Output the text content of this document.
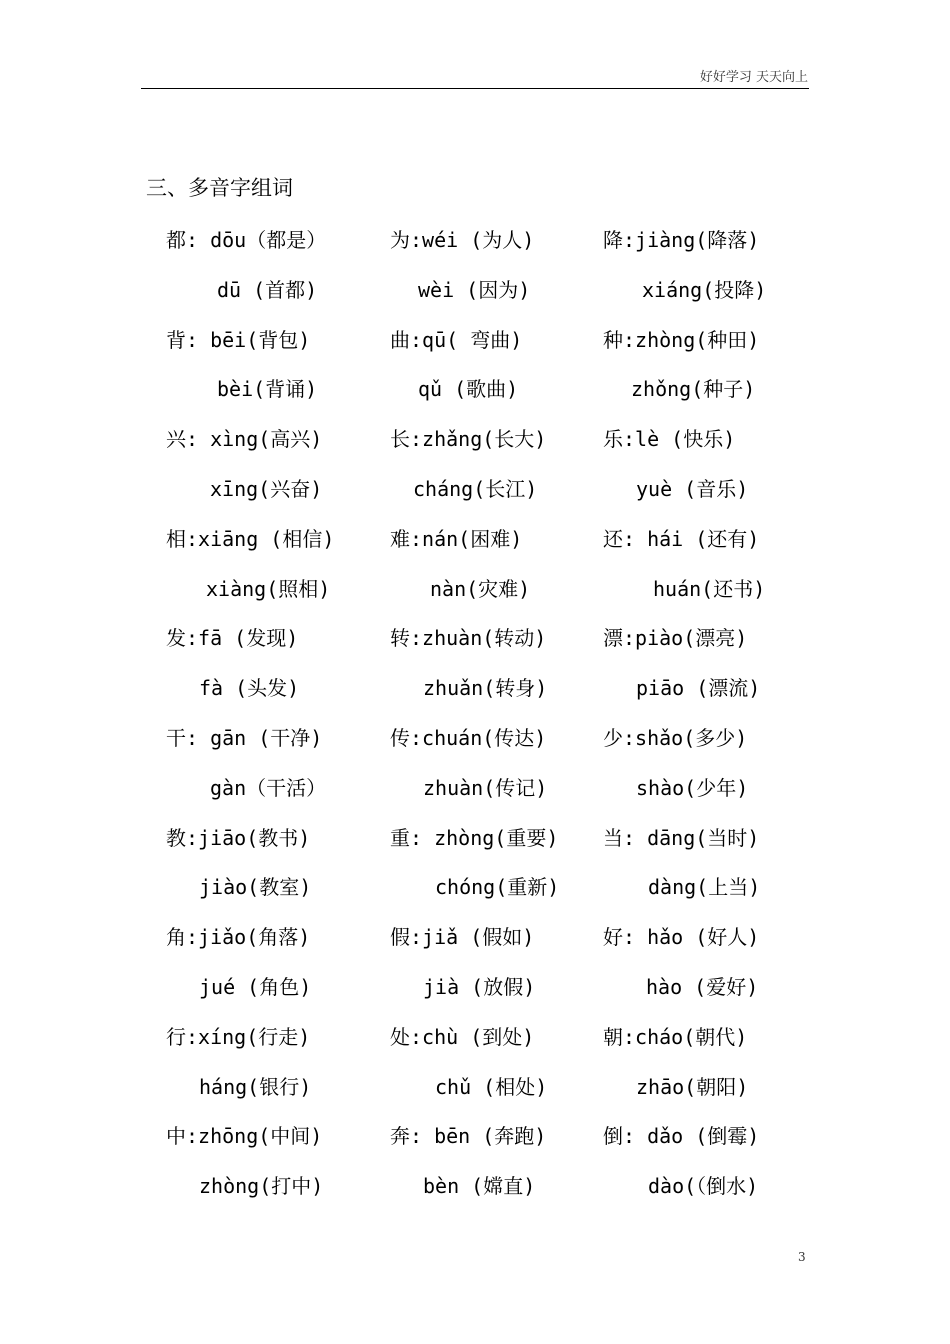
好好学习 天天向上
三、多音字组词
都: dōu（都是）	为:wéi (为人)	降:jiàng(降落)
dū (首都)	wèi (因为)	xiáng(投降)
背: bēi(背包)	曲:qū( 弯曲)	种:zhòng(种田)
bèi(背诵)	qǔ (歌曲)	zhǒng(种子)
兴: xìng(高兴)	长:zhǎng(长大)	乐:lè (快乐)
xīng(兴奋)	cháng(长江)	yuè (音乐)
相:xiāng (相信)	难:nán(困难)	还: hái (还有)
xiàng(照相)	nàn(灾难)	huán(还书)
发:fā (发现)	转:zhuàn(转动)	漂:piào(漂亮)
fà (头发)	zhuǎn(转身)	piāo (漂流)
干: gān (干净)	传:chuán(传达)	少:shǎo(多少)
gàn（干活）	zhuàn(传记)	shào(少年)
教:jiāo(教书)	重: zhòng(重要) 当: dāng(当时)
jiào(教室)	chóng(重新)	dàng(上当)
角:jiǎo(角落)	假:jiǎ (假如)	好: hǎo (好人)
jué (角色)	jià (放假)	hào (爱好)
行:xíng(行走)	处:chù (到处)	朝:cháo(朝代)
háng(银行)	chǔ (相处)	zhāo(朝阳)
中:zhōng(中间)	奔: bēn (奔跑)	倒: dǎo (倒霉)
zhòng(打中)	bèn (嫦直)	dào(（倒水)
3
